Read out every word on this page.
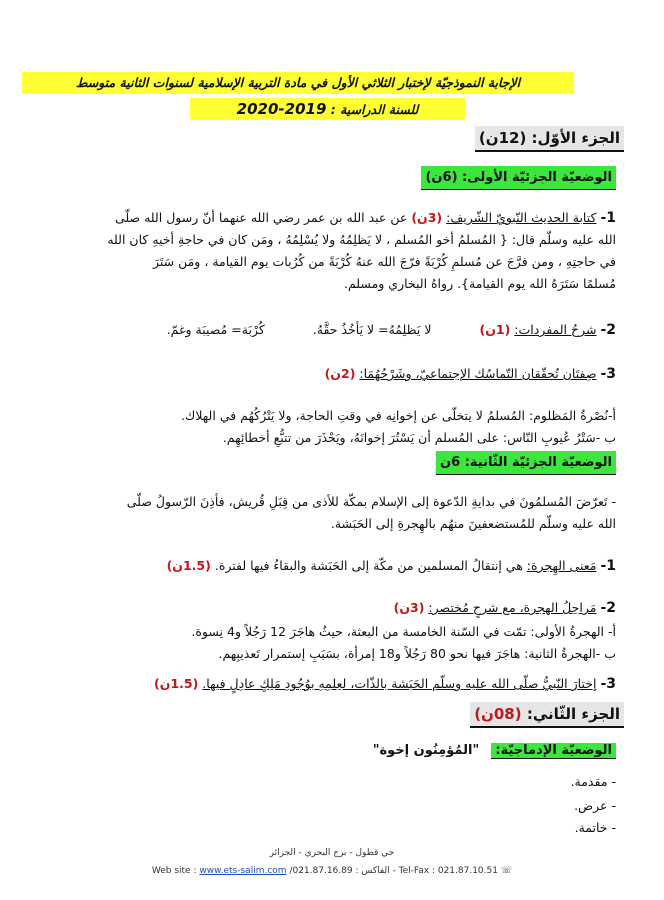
الإجابة النموذجيّة لإختبار الثلاثي الأول في مادة التربية الإسلامية لسنوات الثانية متوسط
للسنة الدراسية : 2019-2020
الجزء الأوّل: (12ن)
الوضعيّة الجزئيّة الأولى: (6ن)
1- كتابة الحديث النّبويّ الشّريف: (3ن) عن عبد الله بن عمر رضي الله عنهما أنّ رسول الله صلّى
الله عليه وسلّم قال: { المُسلمُ أخو المُسلم ، لا يَظلِمُهُ ولا يُسْلِمُهُ ، ومَن كان في حاجةِ أخيهِ كان الله
في حاجتِهِ ، ومن فرَّجَ عن مُسلمٍ كُرْبَةً فرّجَ الله عنهُ كُرْبَةً من كُرُبات يوم القيامة ، ومَن سَتَرَ
مُسلمًا سَتَرَهُ الله يوم القيامة}. رواهُ البخاري ومسلم.
2- شرحُ المفردات: (1ن)  لا يَظلِمُهُ= لا يَأخُذُ حقَّهُ.  كُرْبَة= مُصيبَة وغمّ.
3- صِفتَان تُحقّقان التّماسُك الإجتماعيّ، وشَرْحُهُمَا: (2ن)
أ-نُصْرةُ المَظلوم: المُسلمُ لا يتخلّى عن إخوانِه في وقتِ الحاجة، ولا يَتْرُكُهُم في الهلاك.
ب -سَتْرُ عُيوبِ النّاس: على المُسلم أن يَسْتُرَ إخوانَهُ، ويَحْذَرَ من تتبُّعِ أخطائِهِم.
الوضعيّة الجزئيّة الثّانية: 6ن
- تَعرّضَ المُسلمُونَ في بدايةِ الدّعوة إلى الإسلام بمكّة للأذى من قِبَلِ قُريش، فأذِنَ الرّسولُ صلّى
الله عليه وسلّم للمُستضعفينَ منهُم بالهِجرةِ إلى الحَبَشة.
1- مَعنى الهِجرة: هي إنتقالُ المسلمين من مكّة إلى الحَبَشة والبقاءُ فيها لفترة. (1.5ن)
2- مَراحِلُ الهجرة، مع شرحٍ مُختصر: (3ن)
أ- الهجرةُ الأولى: تمّت في السّنة الخامسة من البعثة، حيثُ هاجَرَ 12 رَجُلاً و4 نِسوة.
ب -الهجرةُ الثانية: هاجَرَ فيها نحو 80 رَجُلاً و18 إمرأة، بسَبَبِ إستمرار تَعذيبِهم.
3- إختارَ النّبيُّ صلّى الله عليه وسلّم الحَبَشة بالذّات، لعِلمِهِ بوُجُودِ مَلِكٍ عادِلٍ فيها. (1.5ن)
الجزء الثّاني: (08ن)
الوضعيّة الإدماجيّة: "المُؤمِنُون إخوة"
- مقدمة.
- عرض.
- خاتمة.
حي قطول - برج البحري - الجزائر
Web site : www.ets-salim.com /021.87.16.89 : الفاكس - Tel-Fax : 021.87.10.51 ☏
